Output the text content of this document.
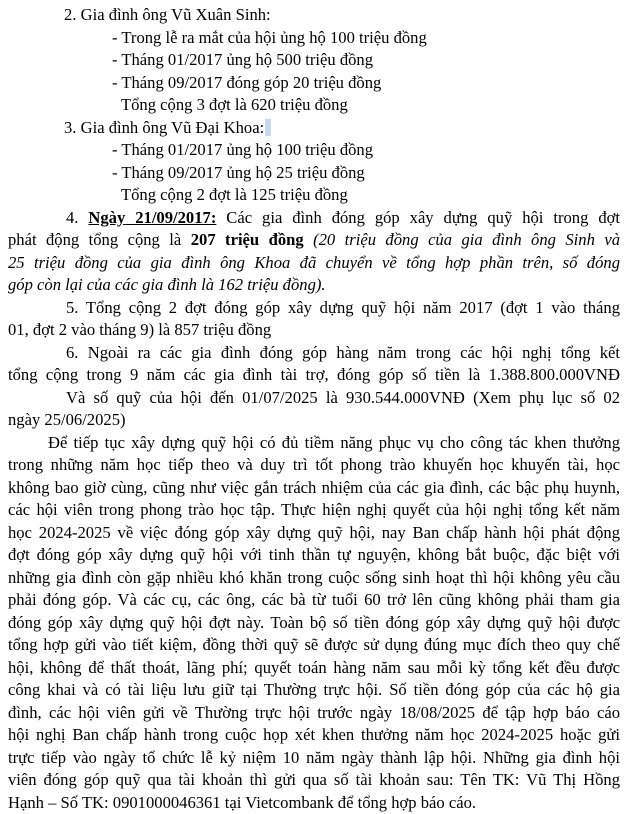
2. Gia đình ông Vũ Xuân Sinh:
- Trong lễ ra mắt của hội ủng hộ 100 triệu đồng
- Tháng 01/2017 ủng hộ 500 triệu đồng
- Tháng 09/2017 đóng góp 20 triệu đồng
Tổng cộng 3 đợt là 620 triệu đồng
3. Gia đình ông Vũ Đại Khoa:
- Tháng 01/2017 ủng hộ 100 triệu đồng
- Tháng 09/2017 ủng hộ 25 triệu đồng
Tổng cộng 2 đợt là 125 triệu đồng
4. Ngày 21/09/2017: Các gia đình đóng góp xây dựng quỹ hội trong đợt
phát động tổng cộng là 207 triệu đồng (20 triệu đồng của gia đình ông Sinh và
25 triệu đồng của gia đình ông Khoa đã chuyển về tổng hợp phần trên, số đóng
góp còn lại của các gia đình là 162 triệu đồng).
5. Tổng cộng 2 đợt đóng góp xây dựng quỹ hội năm 2017 (đợt 1 vào tháng
01, đợt 2 vào tháng 9) là 857 triệu đồng
6. Ngoài ra các gia đình đóng góp hàng năm trong các hội nghị tổng kết
tổng cộng trong 9 năm các gia đình tài trợ, đóng góp số tiền là 1.388.800.000VNĐ
Và số quỹ của hội đến 01/07/2025 là 930.544.000VNĐ (Xem phụ lục số 02
ngày 25/06/2025)
Để tiếp tục xây dựng quỹ hội có đủ tiềm năng phục vụ cho công tác khen thưởng
trong những năm học tiếp theo và duy trì tốt phong trào khuyến học khuyến tài, học
không bao giờ cùng, cũng như việc gắn trách nhiệm của các gia đình, các bậc phụ huynh,
các hội viên trong phong trào học tập. Thực hiện nghị quyết của hội nghị tổng kết năm
học 2024-2025 về việc đóng góp xây dựng quỹ hội, nay Ban chấp hành hội phát động
đợt đóng góp xây dựng quỹ hội với tinh thần tự nguyện, không bắt buộc, đặc biệt với
những gia đình còn gặp nhiều khó khăn trong cuộc sống sinh hoạt thì hội không yêu cầu
phải đóng góp. Và các cụ, các ông, các bà từ tuổi 60 trở lên cũng không phải tham gia
đóng góp xây dựng quỹ hội đợt này. Toàn bộ số tiền đóng góp xây dựng quỹ hội được
tổng hợp gửi vào tiết kiệm, đồng thời quỹ sẽ được sử dụng đúng mục đích theo quy chế
hội, không để thất thoát, lãng phí; quyết toán hàng năm sau mỗi kỳ tổng kết đều được
công khai và có tài liệu lưu giữ tại Thường trực hội. Số tiền đóng góp của các hộ gia
đình, các hội viên gửi về Thường trực hội trước ngày 18/08/2025 để tập hợp báo cáo
hội nghị Ban chấp hành trong cuộc họp xét khen thưởng năm học 2024-2025 hoặc gửi
trực tiếp vào ngày tổ chức lễ kỷ niệm 10 năm ngày thành lập hội. Những gia đình hội
viên đóng góp quỹ qua tài khoản thì gửi qua số tài khoản sau: Tên TK: Vũ Thị Hồng
Hạnh – Số TK: 0901000046361 tại Vietcombank để tổng hợp báo cáo.
